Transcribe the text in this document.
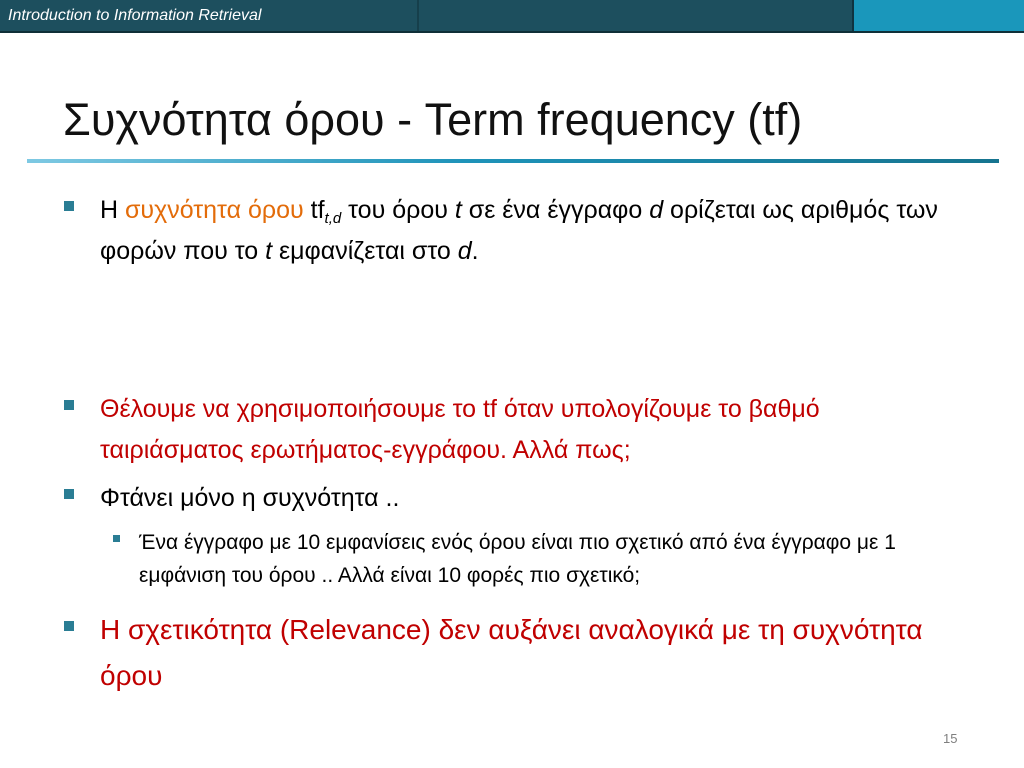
Introduction to Information Retrieval
Συχνότητα όρου - Term frequency (tf)
Η συχνότητα όρου $tf_{t,d}$ του όρου t σε ένα έγγραφο d ορίζεται ως αριθμός των φορών που το t εμφανίζεται στο d.
Θέλουμε να χρησιμοποιήσουμε το tf όταν υπολογίζουμε το βαθμό ταιριάσματος ερωτήματος-εγγράφου. Αλλά πως;
Φτάνει μόνο η συχνότητα ..
Ένα έγγραφο με 10 εμφανίσεις ενός όρου είναι πιο σχετικό από ένα έγγραφο με 1 εμφάνιση του όρου .. Αλλά είναι 10 φορές πιο σχετικό;
Η σχετικότητα (Relevance) δεν αυξάνει αναλογικά με τη συχνότητα όρου
15
